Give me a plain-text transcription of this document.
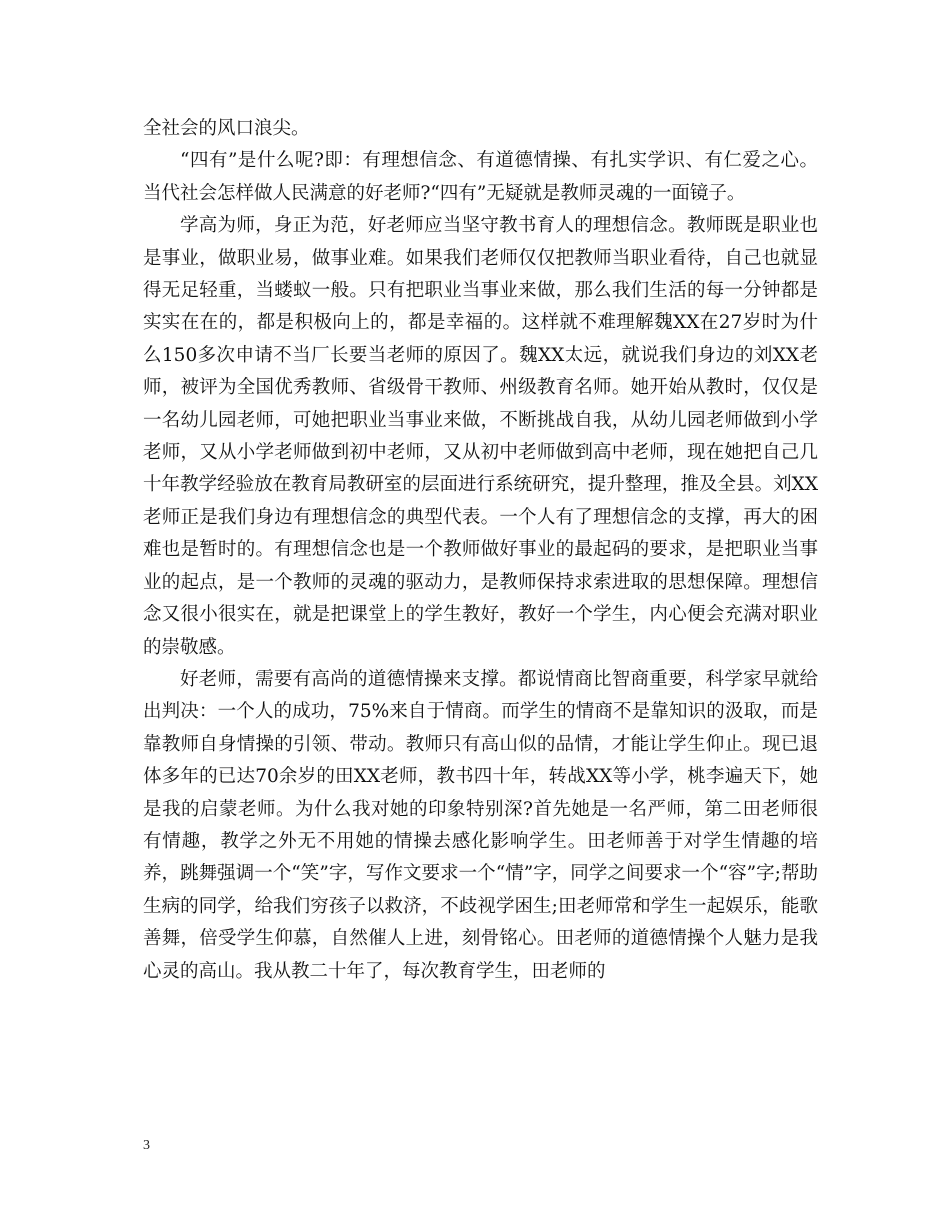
全社会的风口浪尖。

“四有”是什么呢?即：有理想信念、有道德情操、有扎实学识、有仁爱之心。当代社会怎样做人民满意的好老师?“四有”无疑就是教师灵魂的一面镜子。

学高为师，身正为范，好老师应当坚守教书育人的理想信念。教师既是职业也是事业，做职业易，做事业难。如果我们老师仅仅把教师当职业看待，自己也就显得无足轻重，当蝼蚁一般。只有把职业当事业来做，那么我们生活的每一分钟都是实实在在的，都是积极向上的，都是幸福的。这样就不难理解魏XX在27岁时为什么150多次申请不当厂长要当老师的原因了。魏XX太远，就说我们身边的刘XX老师，被评为全国优秀教师、省级骨干教师、州级教育名师。她开始从教时，仅仅是一名幼儿园老师，可她把职业当事业来做，不断挑战自我，从幼儿园老师做到小学老师，又从小学老师做到初中老师，又从初中老师做到高中老师，现在她把自己几十年教学经验放在教育局教研室的层面进行系统研究，提升整理，推及全县。刘XX老师正是我们身边有理想信念的典型代表。一个人有了理想信念的支撑，再大的困难也是暂时的。有理想信念也是一个教师做好事业的最起码的要求，是把职业当事业的起点，是一个教师的灵魂的驱动力，是教师保持求索进取的思想保障。理想信念又很小很实在，就是把课堂上的学生教好，教好一个学生，内心便会充满对职业的崇敬感。

好老师，需要有高尚的道德情操来支撑。都说情商比智商重要，科学家早就给出判决：一个人的成功，75%来自于情商。而学生的情商不是靠知识的汲取，而是靠教师自身情操的引领、带动。教师只有高山似的品情，才能让学生仰止。现已退体多年的已达70余岁的田XX老师，教书四十年，转战XX等小学，桃李遍天下，她是我的启蒙老师。为什么我对她的印象特别深?首先她是一名严师，第二田老师很有情趣，教学之外无不用她的情操去感化影响学生。田老师善于对学生情趣的培养，跳舞强调一个“笑”字，写作文要求一个“情”字，同学之间要求一个“容”字;帮助生病的同学，给我们穷孩子以救济，不歧视学困生;田老师常和学生一起娱乐，能歌善舞，倍受学生仰慕，自然催人上进，刻骨铭心。田老师的道德情操个人魅力是我心灵的高山。我从教二十年了，每次教育学生，田老师的

3
